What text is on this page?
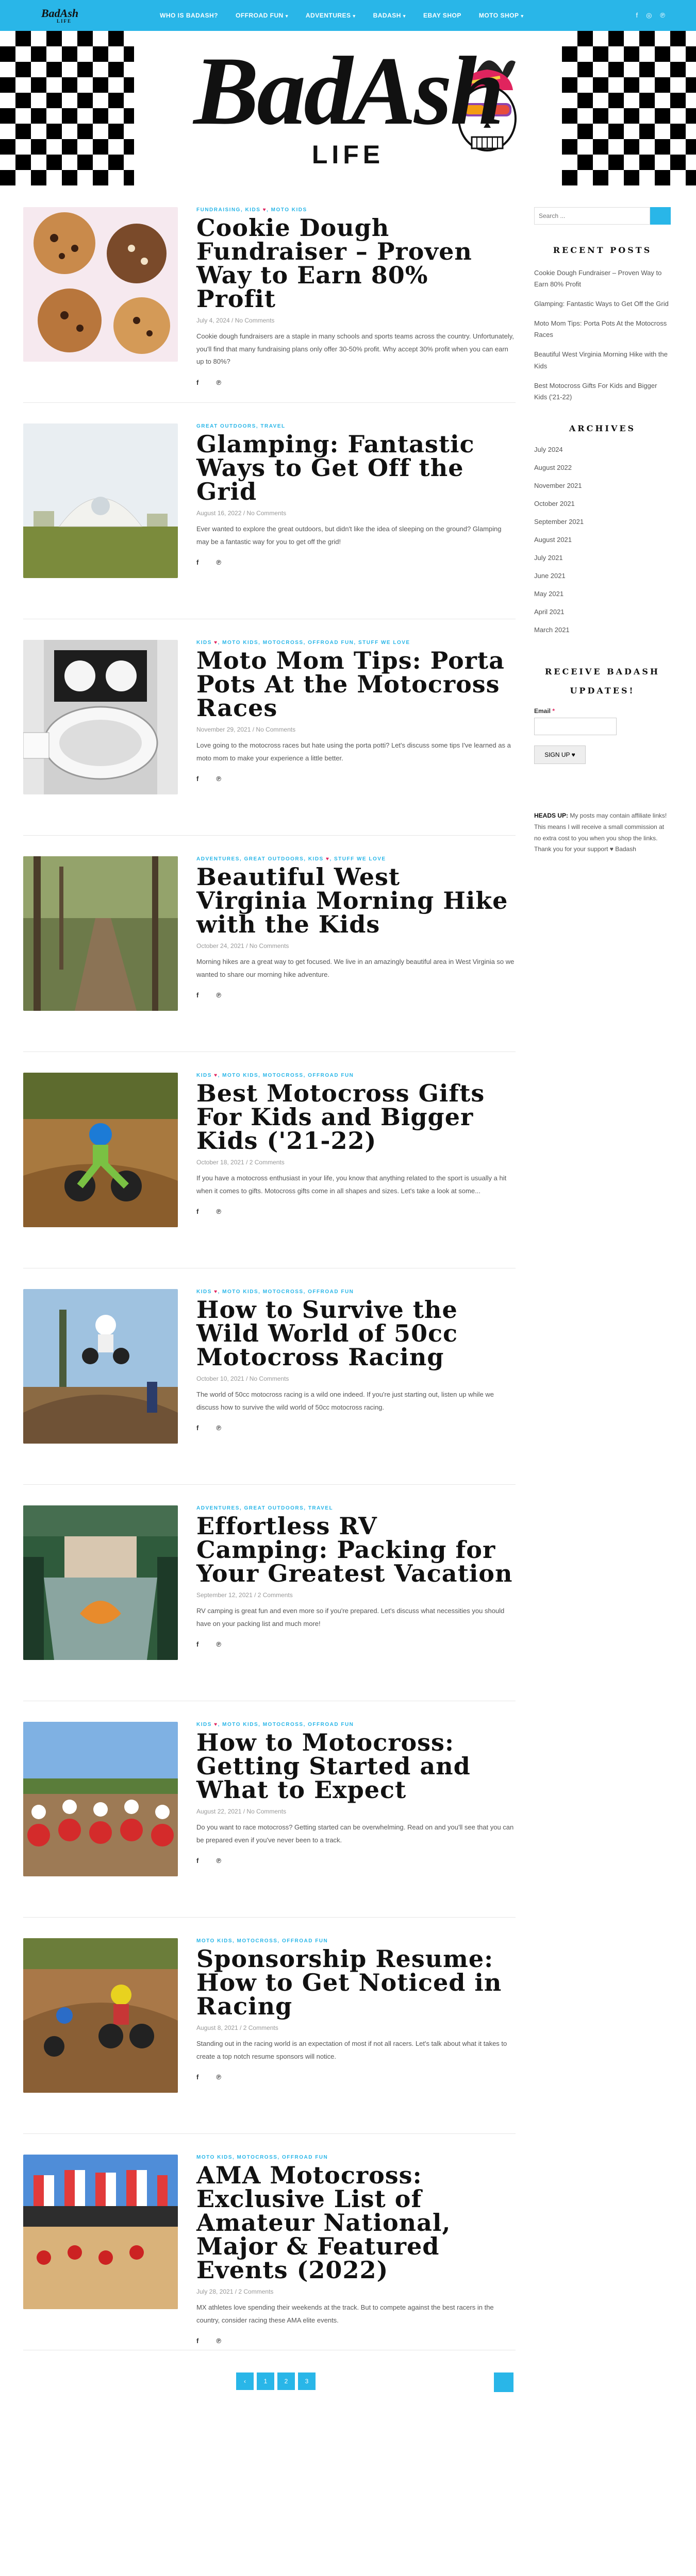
BadAsh
LIFE
WHO IS BADASH?	OFFROAD FUN ▾	ADVENTURES ▾	BADASH ▾	EBAY SHOP	MOTO SHOP ▾	f ◎ ℗
BadAsh
LIFE
FUNDRAISING, KIDS ♥, MOTO KIDS
Cookie Dough Fundraiser – Proven Way to Earn 80% Profit
July 4, 2024 / No Comments

Cookie dough fundraisers are a staple in many schools and sports teams across the country. Unfortunately, you'll find that many fundraising plans only offer 30-50% profit. Why accept 30% profit when you can earn up to 80%?

f	℗
GREAT OUTDOORS, TRAVEL
Glamping: Fantastic Ways to Get Off the Grid
August 16, 2022 / No Comments

Ever wanted to explore the great outdoors, but didn't like the idea of sleeping on the ground? Glamping may be a fantastic way for you to get off the grid!

f	℗
KIDS ♥, MOTO KIDS, MOTOCROSS, OFFROAD FUN, STUFF WE LOVE
Moto Mom Tips: Porta Pots At the Motocross Races
November 29, 2021 / No Comments

Love going to the motocross races but hate using the porta potti? Let's discuss some tips I've learned as a moto mom to make your experience a little better.

f	℗
ADVENTURES, GREAT OUTDOORS, KIDS ♥, STUFF WE LOVE
Beautiful West Virginia Morning Hike with the Kids
October 24, 2021 / No Comments

Morning hikes are a great way to get focused. We live in an amazingly beautiful area in West Virginia so we wanted to share our morning hike adventure.

f	℗
KIDS ♥, MOTO KIDS, MOTOCROSS, OFFROAD FUN
Best Motocross Gifts For Kids and Bigger Kids ('21-22)
October 18, 2021 / 2 Comments

If you have a motocross enthusiast in your life, you know that anything related to the sport is usually a hit when it comes to gifts. Motocross gifts come in all shapes and sizes. Let's take a look at some...

f	℗
KIDS ♥, MOTO KIDS, MOTOCROSS, OFFROAD FUN
How to Survive the Wild World of 50cc Motocross Racing
October 10, 2021 / No Comments

The world of 50cc motocross racing is a wild one indeed. If you're just starting out, listen up while we discuss how to survive the wild world of 50cc motocross racing.

f	℗
ADVENTURES, GREAT OUTDOORS, TRAVEL
Effortless RV Camping: Packing for Your Greatest Vacation
September 12, 2021 / 2 Comments

RV camping is great fun and even more so if you're prepared. Let's discuss what necessities you should have on your packing list and much more!

f	℗
KIDS ♥, MOTO KIDS, MOTOCROSS, OFFROAD FUN
How to Motocross: Getting Started and What to Expect
August 22, 2021 / No Comments

Do you want to race motocross? Getting started can be overwhelming. Read on and you'll see that you can be prepared even if you've never been to a track.

f	℗
MOTO KIDS, MOTOCROSS, OFFROAD FUN
Sponsorship Resume: How to Get Noticed in Racing
August 8, 2021 / 2 Comments

Standing out in the racing world is an expectation of most if not all racers. Let's talk about what it takes to create a top notch resume sponsors will notice.

f	℗
MOTO KIDS, MOTOCROSS, OFFROAD FUN
AMA Motocross: Exclusive List of Amateur National, Major & Featured Events (2022)
July 28, 2021 / 2 Comments

MX athletes love spending their weekends at the track. But to compete against the best racers in the country, consider racing these AMA elite events.

f	℗
Search ...
RECENT POSTS
Cookie Dough Fundraiser – Proven Way to Earn 80% Profit
Glamping: Fantastic Ways to Get Off the Grid
Moto Mom Tips: Porta Pots At the Motocross Races
Beautiful West Virginia Morning Hike with the Kids
Best Motocross Gifts For Kids and Bigger Kids ('21-22)
ARCHIVES
July 2024
August 2022
November 2021
October 2021
September 2021
August 2021
July 2021
June 2021
May 2021
April 2021
March 2021
RECEIVE BADASH UPDATES!
Email *
SIGN UP ♥
HEADS UP: My posts may contain affiliate links! This means I will receive a small commission at no extra cost to you when you shop the links. Thank you for your support ♥ Badash
‹	1	2	3
